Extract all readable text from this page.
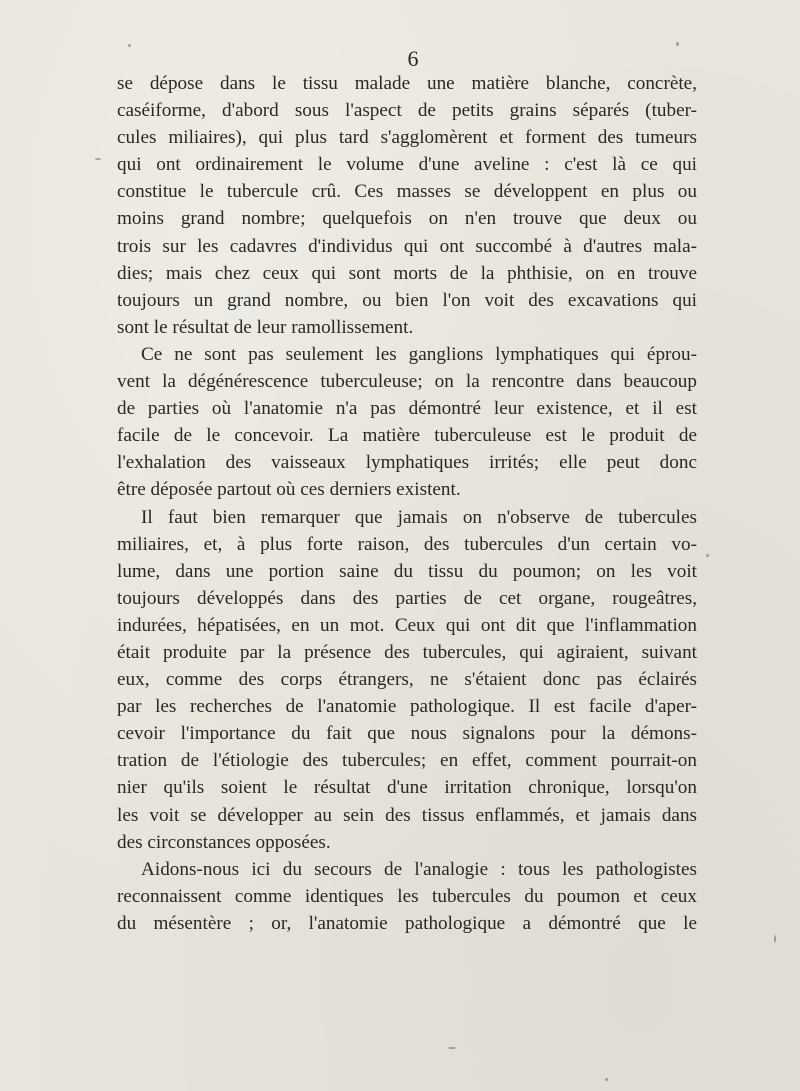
6
se dépose dans le tissu malade une matière blanche, concrète,
caséiforme, d'abord sous l'aspect de petits grains séparés (tuber-
cules miliaires), qui plus tard s'agglomèrent et forment des tumeurs
qui ont ordinairement le volume d'une aveline : c'est là ce qui
constitue le tubercule crû. Ces masses se développent en plus ou
moins grand nombre; quelquefois on n'en trouve que deux ou
trois sur les cadavres d'individus qui ont succombé à d'autres mala-
dies; mais chez ceux qui sont morts de la phthisie, on en trouve
toujours un grand nombre, ou bien l'on voit des excavations qui
sont le résultat de leur ramollissement.
Ce ne sont pas seulement les ganglions lymphatiques qui éprou-
vent la dégénérescence tuberculeuse; on la rencontre dans beaucoup
de parties où l'anatomie n'a pas démontré leur existence, et il est
facile de le concevoir. La matière tuberculeuse est le produit de
l'exhalation des vaisseaux lymphatiques irrités; elle peut donc
être déposée partout où ces derniers existent.
Il faut bien remarquer que jamais on n'observe de tubercules
miliaires, et, à plus forte raison, des tubercules d'un certain vo-
lume, dans une portion saine du tissu du poumon; on les voit
toujours développés dans des parties de cet organe, rougeâtres,
indurées, hépatisées, en un mot. Ceux qui ont dit que l'inflammation
était produite par la présence des tubercules, qui agiraient, suivant
eux, comme des corps étrangers, ne s'étaient donc pas éclairés
par les recherches de l'anatomie pathologique. Il est facile d'aper-
cevoir l'importance du fait que nous signalons pour la démons-
tration de l'étiologie des tubercules; en effet, comment pourrait-on
nier qu'ils soient le résultat d'une irritation chronique, lorsqu'on
les voit se développer au sein des tissus enflammés, et jamais dans
des circonstances opposées.
Aidons-nous ici du secours de l'analogie : tous les pathologistes
reconnaissent comme identiques les tubercules du poumon et ceux
du mésentère ; or, l'anatomie pathologique a démontré que le
